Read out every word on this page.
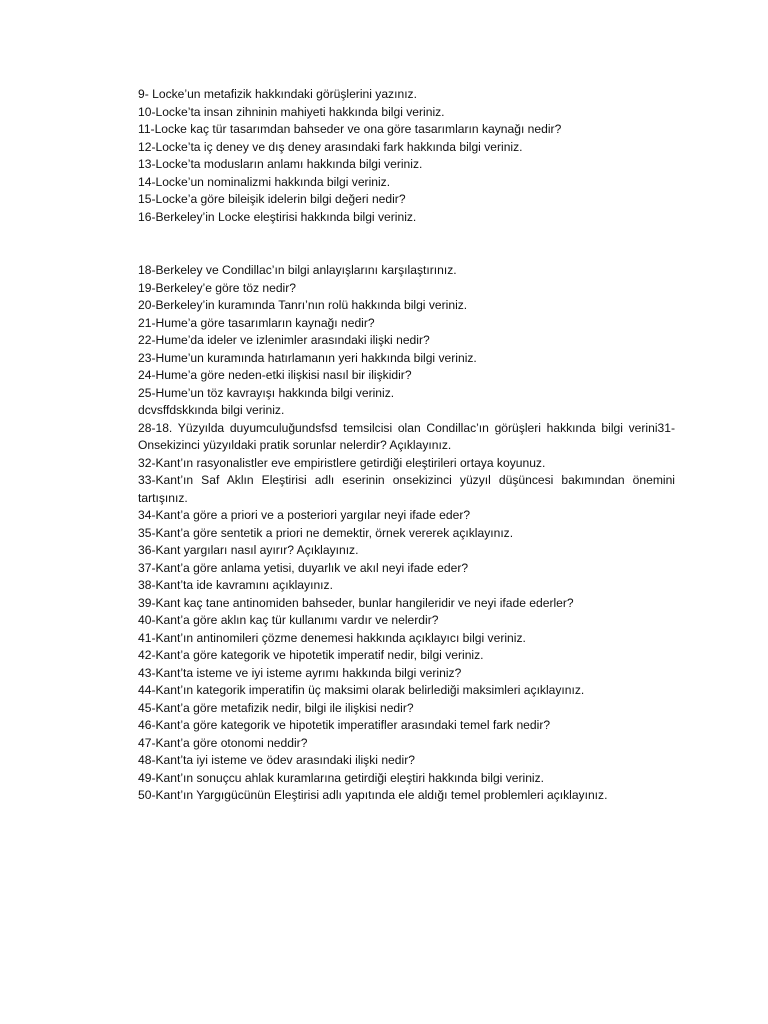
9- Locke’un metafizik hakkındaki görüşlerini yazınız.
10-Locke’ta insan zihninin mahiyeti hakkında bilgi veriniz.
11-Locke kaç tür tasarımdan bahseder ve ona göre tasarımların kaynağı nedir?
12-Locke’ta iç deney ve dış deney arasındaki fark hakkında bilgi veriniz.
13-Locke’ta modusların anlamı hakkında bilgi veriniz.
14-Locke’un nominalizmi hakkında bilgi veriniz.
15-Locke’a göre bileişik idelerin bilgi değeri nedir?
16-Berkeley’in Locke eleştirisi hakkında bilgi veriniz.
18-Berkeley ve Condillac’ın bilgi anlayışlarını karşılaştırınız.
19-Berkeley’e göre töz nedir?
20-Berkeley’in kuramında Tanrı’nın rolü hakkında bilgi veriniz.
21-Hume’a göre tasarımların kaynağı nedir?
22-Hume’da ideler ve izlenimler arasındaki ilişki nedir?
23-Hume’un kuramında hatırlamanın yeri hakkında bilgi veriniz.
24-Hume’a göre neden-etki ilişkisi nasıl bir ilişkidir?
25-Hume’un töz kavrayışı hakkında bilgi veriniz.
dcvsffdskkında bilgi veriniz.
28-18. Yüzyılda duyumculuğundsfsd temsilcisi olan Condillac’ın görüşleri hakkında bilgi verini31-Onsekizinci yüzyıldaki pratik sorunlar nelerdir? Açıklayınız.
32-Kant’ın rasyonalistler eve empiristlere getirdiği eleştirileri ortaya koyunuz.
33-Kant’ın Saf Aklın Eleştirisi adlı eserinin onsekizinci yüzyıl düşüncesi bakımından önemini tartışınız.
34-Kant’a göre a priori ve a posteriori yargılar neyi ifade eder?
35-Kant’a göre sentetik a priori ne demektir, örnek vererek açıklayınız.
36-Kant yargıları nasıl ayırır? Açıklayınız.
37-Kant’a göre anlama yetisi, duyarlık ve akıl neyi ifade eder?
38-Kant’ta ide kavramını açıklayınız.
39-Kant kaç tane antinomiden bahseder, bunlar hangileridir ve neyi ifade ederler?
40-Kant’a göre aklın kaç tür kullanımı vardır ve nelerdir?
41-Kant’ın antinomileri çözme denemesi hakkında açıklayıcı bilgi veriniz.
42-Kant’a göre kategorik ve hipotetik imperatif nedir, bilgi veriniz.
43-Kant’ta isteme ve iyi isteme ayrımı hakkında bilgi veriniz?
44-Kant’ın kategorik imperatifin üç maksimi olarak belirlediği maksimleri açıklayınız.
45-Kant’a göre metafizik nedir, bilgi ile ilişkisi nedir?
46-Kant’a göre kategorik ve hipotetik imperatifler arasındaki temel fark nedir?
47-Kant’a göre otonomi neddir?
48-Kant’ta iyi isteme ve ödev arasındaki ilişki nedir?
49-Kant’ın sonuçcu ahlak kuramlarına getirdiği eleştiri hakkında bilgi veriniz.
50-Kant’ın Yargıgücünün Eleştirisi adlı yapıtında ele aldığı temel problemleri açıklayınız.
